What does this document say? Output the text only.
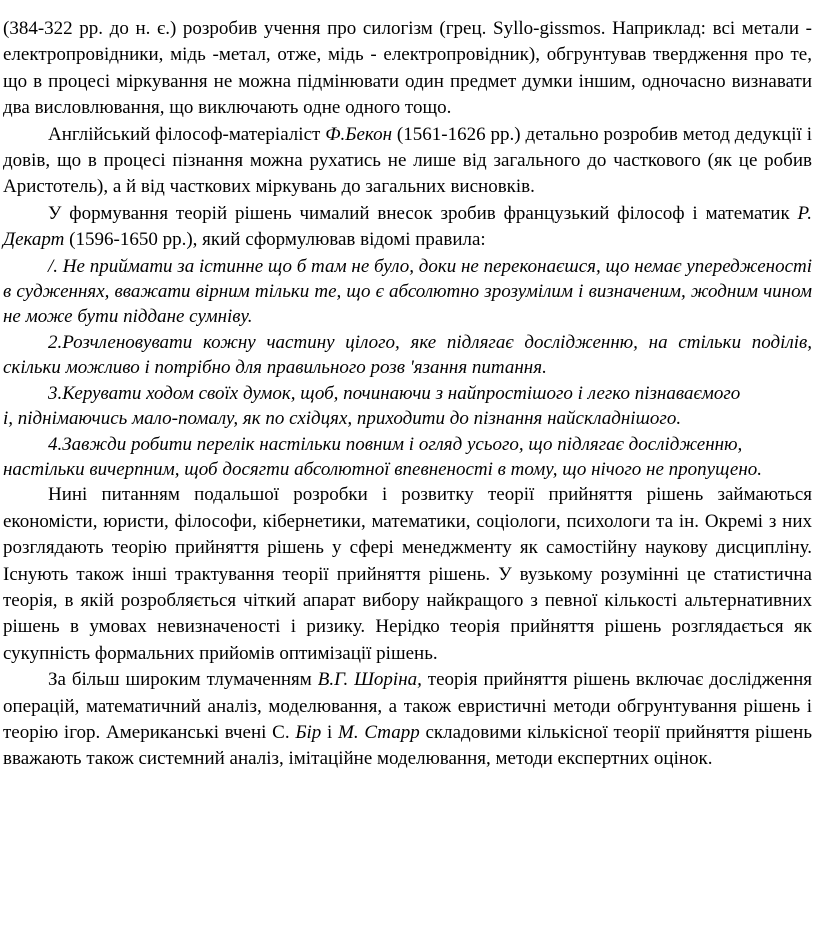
(384-322 рр. до н. є.) розробив учення про силогізм (грец. Syllo-gissmos. Наприклад: всі метали - електропровідники, мідь -метал, отже, мідь - електропровідник), обгрунтував твердження про те, що в процесі міркування не можна підмінювати один предмет думки іншим, одночасно визнавати два висловлювання, що виключають одне одного тощо.

Англійський філософ-матеріаліст Ф.Бекон (1561-1626 рр.) детально розробив метод дедукції і довів, що в процесі пізнання можна рухатись не лише від загального до часткового (як це робив Аристотель), а й від часткових міркувань до загальних висновків.

У формування теорій рішень чималий внесок зробив французький філософ і математик Р. Декарт (1596-1650 рр.), який сформулював відомі правила:

/. Не приймати за істинне що б там не було, доки не переконаєшся, що немає упередженості в судженнях, вважати вірним тільки те, що є абсолютно зрозумілим і визначеним, жодним чином не може бути піддане сумніву.

2.Розчленовувати кожну частину цілого, яке підлягає дослідженню, на стільки поділів, скільки можливо і потрібно для правильного розв 'язання питання.

3.Керувати ходом своїх думок, щоб, починаючи з найпростішого і легко пізнаваємого

і, піднімаючись мало-помалу, як по східцях, приходити до пізнання найскладнішого.

4.Завжди робити перелік настільки повним і огляд усього, що підлягає дослідженню,

настільки вичерпним, щоб досягти абсолютної впевненості в тому, що нічого не пропущено.

Нині питанням подальшої розробки і розвитку теорії прийняття рішень займаються економісти, юристи, філософи, кібернетики, математики, соціологи, психологи та ін. Окремі з них розглядають теорію прийняття рішень у сфері менеджменту як самостійну наукову дисципліну. Існують також інші трактування теорії прийняття рішень. У вузькому розумінні це статистична теорія, в якій розробляється чіткий апарат вибору найкращого з певної кількості альтернативних рішень в умовах невизначеності і ризику. Нерідко теорія прийняття рішень розглядається як сукупність формальних прийомів оптимізації рішень.

За більш широким тлумаченням В.Г. Шоріна, теорія прийняття рішень включає дослідження операцій, математичний аналіз, моделювання, а також евристичні методи обгрунтування рішень і теорію ігор. Американські вчені С. Бір і М. Старр складовими кількісної теорії прийняття рішень вважають також системний аналіз, імітаційне моделювання, методи експертних оцінок.
